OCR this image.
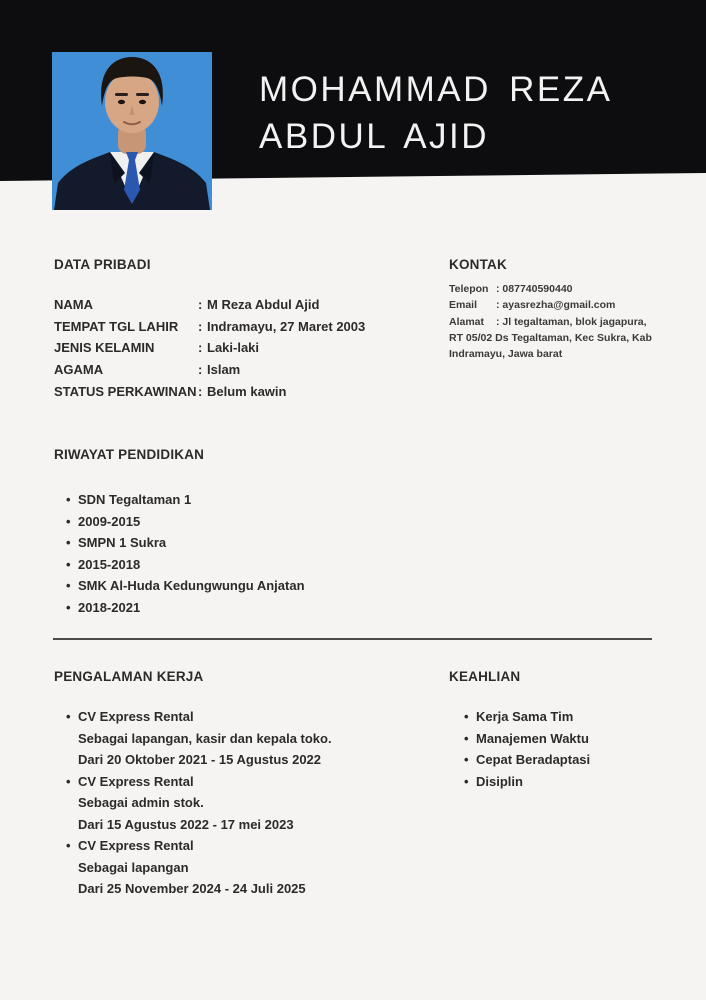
MOHAMMAD REZA
ABDUL AJID
DATA PRIBADI
NAMA	: M Reza Abdul Ajid
TEMPAT TGL LAHIR : Indramayu, 27 Maret 2003
JENIS KELAMIN	: Laki-laki
AGAMA	: Islam
STATUS PERKAWINAN: Belum kawin
KONTAK
Telepon : 087740590440
Email : ayasrezha@gmail.com
Alamat : Jl tegaltaman, blok jagapura,
RT 05/02 Ds Tegaltaman, Kec Sukra, Kab
Indramayu, Jawa barat
RIWAYAT PENDIDIKAN
• SDN Tegaltaman 1
• 2009-2015
• SMPN 1 Sukra
• 2015-2018
• SMK Al-Huda Kedungwungu Anjatan
• 2018-2021
PENGALAMAN KERJA
• CV Express Rental
Sebagai lapangan, kasir dan kepala toko.
Dari 20 Oktober 2021 - 15 Agustus 2022
• CV Express Rental
Sebagai admin stok.
Dari 15 Agustus 2022 - 17 mei 2023
• CV Express Rental
Sebagai lapangan
Dari 25 November 2024 - 24 Juli 2025
KEAHLIAN
• Kerja Sama Tim
• Manajemen Waktu
• Cepat Beradaptasi
• Disiplin
